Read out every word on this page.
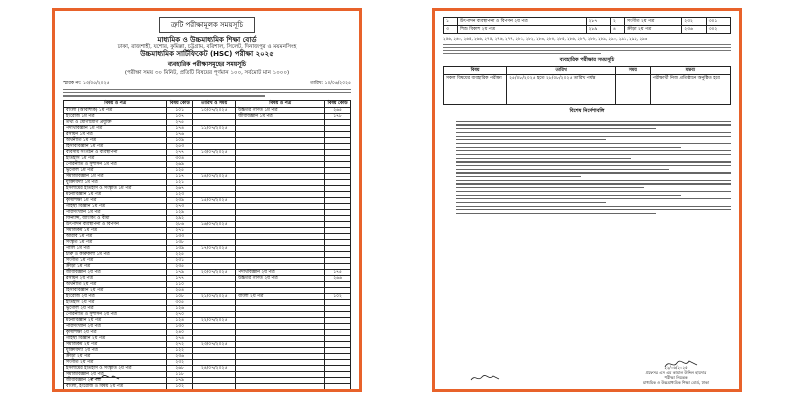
ত্রুটি পরীক্ষামূলক সময়সূচি
মাধ্যমিক ও উচ্চমাধ্যমিক শিক্ষা বোর্ড
ঢাকা, রাজশাহী, যশোর, কুমিল্লা, চট্টগ্রাম, বরিশাল, সিলেট, দিনাজপুর ও ময়মনসিংহ
উচ্চমাধ্যমিক সার্টিফিকেট (HSC) পরীক্ষা ২০২৫
ব্যবহারিক পরীক্ষাসমূহের সময়সূচি
(পরীক্ষা সময় ৩০ মিনিট, প্রতিটি বিষয়ের পূর্ণমান ১০০, সর্বমোট মান ১০০০)
স্মারক নং: ১৩/০৫/২০২৫	তারিখ: ১০/০৬/২০২৫
বিষয় ও পত্র	বিষয় কোড	তারিখ ও সময়	বিষয় ও পত্র	বিষয় কোড
বাংলা (আবশ্যিক) ১ম পত্র	১০১	১০/০৭/২০২৫	উচ্চতর গণিত ১ম পত্র	২৬৫
ইংরেজি ১ম পত্র	১০৭		জীববিজ্ঞান ১ম পত্র	১৭৮
তথ্য ও যোগাযোগ প্রযুক্তি	২৭৫			
পদার্থবিজ্ঞান ১ম পত্র	১৭৪	১১/০৭/২০২৫		
রসায়ন ১ম পত্র	১৭৬			
অর্থনীতি ১ম পত্র	১০৯			
হিসাববিজ্ঞান ১ম পত্র	২৫৩			
ব্যবসায় সংগঠন ও ব্যবস্থাপনা	২৭৭	১৩/০৭/২০২৫		
ইতিহাস ১ম পত্র	৩০৪			
পৌরনীতি ও সুশাসন ১ম পত্র	২৬৯			
ভূগোল ১ম পত্র	১২৫			
সমাজবিজ্ঞান ১ম পত্র	১১৭	১৪/০৭/২০২৫		
যুক্তিবিদ্যা ১ম পত্র	১২১			
ইসলামের ইতিহাস ও সংস্কৃতি ১ম পত্র	২৬৭			
মনোবিজ্ঞান ১ম পত্র	১২৩			
কৃষিশিক্ষা ১ম পত্র	২৩৯	১৫/০৭/২০২৫		
গার্হস্থ্য বিজ্ঞান ১ম পত্র	২৭৩			
পরিসংখ্যান ১ম পত্র	১২৯			
ফিন্যান্স, ব্যাংকিং ও বীমা	২৯২			
উৎপাদন ব্যবস্থাপনা ও বিপণন	২৮৬	১৬/০৭/২০২৫		
সমাজকর্ম ১ম পত্র	২৭১			
আরবি ১ম পত্র	১৩৩			
সংস্কৃত ১ম পত্র	১৩৮			
পালি ১ম পত্র	১৩৯	১৭/০৭/২০২৫		
চারু ও কারুকলা ১ম পত্র	২২৫			
সংগীত ১ম পত্র	২৩১			
ক্রীড়া ১ম পত্র	২৩৫			
জীববিজ্ঞান ২য় পত্র	১৭৯	২০/০৭/২০২৫	পদার্থবিজ্ঞান ২য় পত্র	১৭৫
রসায়ন ২য় পত্র	১৭৭		উচ্চতর গণিত ২য় পত্র	২৬৬
অর্থনীতি ২য় পত্র	১১০			
হিসাববিজ্ঞান ২য় পত্র	২৫৪			
ইংরেজি ২য় পত্র	১০৮	২১/০৭/২০২৫	বাংলা ২য় পত্র	১০২
ইতিহাস ২য় পত্র	৩০৫			
ভূগোল ২য় পত্র	১২৬			
পৌরনীতি ও সুশাসন ২য় পত্র	২৭০			
মনোবিজ্ঞান ২য় পত্র	১২৪	২২/০৭/২০২৫		
পরিসংখ্যান ২য় পত্র	১৩০			
কৃষিশিক্ষা ২য় পত্র	২৪০			
গার্হস্থ্য বিজ্ঞান ২য় পত্র	২৭৪			
সমাজকর্ম ২য় পত্র	২৭২	২৩/০৭/২০২৫		
যুক্তিবিদ্যা ২য় পত্র	১২২			
ক্রীড়া ২য় পত্র	২৩৬			
সংগীত ২য় পত্র	২৩২			
ইসলামের ইতিহাস ও সংস্কৃতি ২য় পত্র	২৬৮	২৪/০৭/২০২৫		
সমাজবিজ্ঞান ২য় পত্র	১১৮			
জীববিজ্ঞান ২য় পত্র	১৭৯			
বাংলা, ইংরেজি ও বিষয় ২য় পত্র	১০২			
১	উৎপাদন ব্যবস্থাপনা ও বিপণন ২য় পত্র	২৮৭	২	সংগীত ২য় পত্র	২৩২	৩০১
৩	শিশু বিকাশ ২য় পত্র	২৮৯	৪	ক্রীড়া ২য় পত্র	২৩৬	৩০২
২৫৬, ২৬০, ২৬৫, ২৬৬, ২৭৫, ২৭৬, ২৭৭, ২৮১, ২৮২, ২৮৩, ২৮৪, ২৮৫, ২৮৬, ২৮৭, ২৮৮, ২৮৯, ২৯০, ২৯১, ২৯২, ২৯৩
ব্যবহারিক পরীক্ষার সময়সূচি
বিষয়	তারিখ	সময়	মন্তব্য
সকল বিষয়ের ব্যবহারিক পরীক্ষা	২৫/০৮/২০২৫ হতে ২৮/০৮/২০২৫ তারিখ পর্যন্ত		পরীক্ষার্থী নিজ প্রতিষ্ঠানে অনুষ্ঠিত হবে
বিশেষ নির্দেশাবলি
২২/০৬/২০২৫
প্রফেসর এস এম কামাল উদ্দিন হায়দার
পরীক্ষা নিয়ন্ত্রক
মাধ্যমিক ও উচ্চমাধ্যমিক শিক্ষা বোর্ড, ঢাকা
